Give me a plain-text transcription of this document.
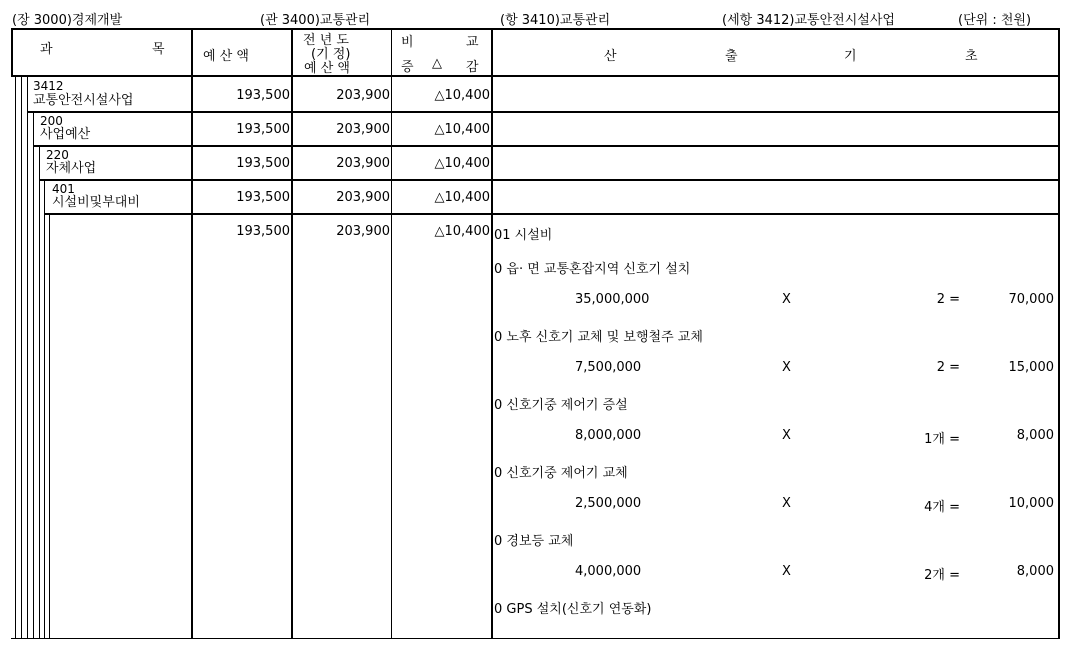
(장 3000)경제개발	(관 3400)교통관리	(항 3410)교통관리	(세항 3412)교통안전시설사업	(단위 : 천원)
과	목	예 산 액
전 년 도
(기 정)
예 산 액
비	교
증 △ 감
산	출	기	초
3412
교통안전시설사업	193,500	203,900	△10,400
200
사업예산	193,500	203,900	△10,400
220
자체사업	193,500	203,900	△10,400
401
시설비및부대비	193,500	203,900	△10,400
193,500	203,900	△10,400 01 시설비
0 읍· 면 교통혼잡지역 신호기 설치
35,000,000	X	2 =	70,000
0 노후 신호기 교체 및 보행철주 교체
7,500,000	X	2 =	15,000
0 신호기중 제어기 증설
8,000,000	X	1개 =	8,000
0 신호기중 제어기 교체
2,500,000	X	4개 =	10,000
0 경보등 교체
4,000,000	X	2개 =	8,000
0 GPS 설치(신호기 연동화)
